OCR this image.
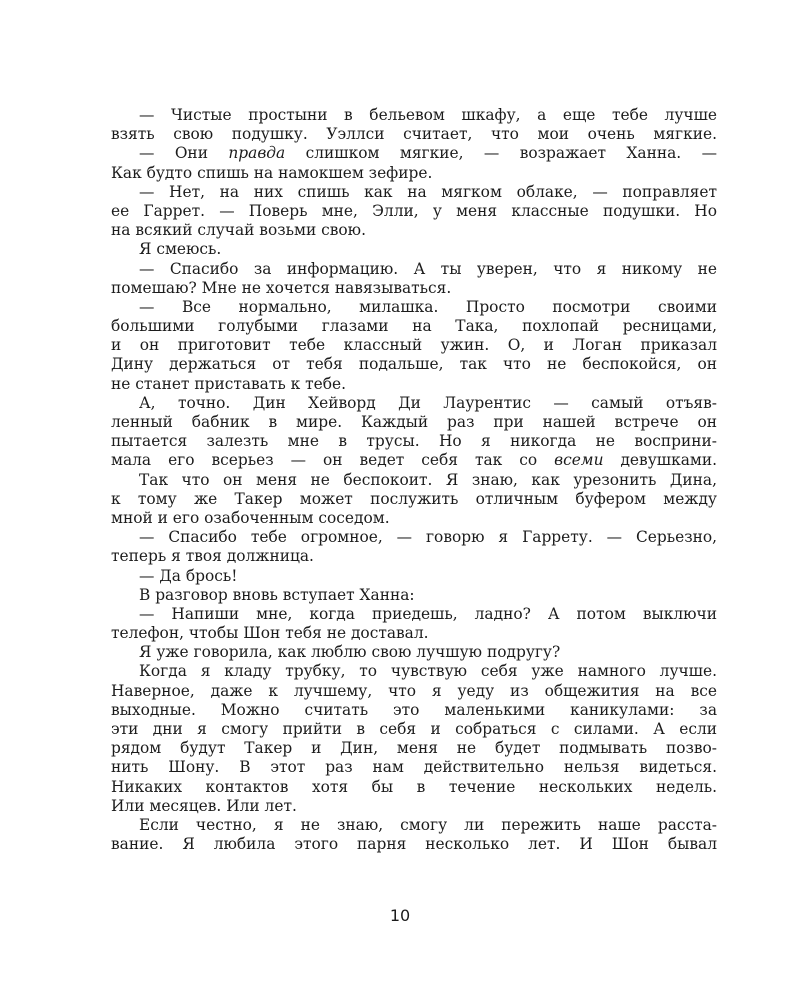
— Чистые простыни в бельевом шкафу, а еще тебе лучше
взять свою подушку. Уэллси считает, что мои очень мягкие.
— Они правда слишком мягкие, — возражает Ханна. —
Как будто спишь на намокшем зефире.
— Нет, на них спишь как на мягком облаке, — поправляет
ее Гаррет. — Поверь мне, Элли, у меня классные подушки. Но
на всякий случай возьми свою.
Я смеюсь.
— Спасибо за информацию. А ты уверен, что я никому не
помешаю? Мне не хочется навязываться.
— Все нормально, милашка. Просто посмотри своими
большими голубыми глазами на Така, похлопай ресницами,
и он приготовит тебе классный ужин. О, и Логан приказал
Дину держаться от тебя подальше, так что не беспокойся, он
не станет приставать к тебе.
А, точно. Дин Хейворд Ди Лаурентис — самый отъяв-
ленный бабник в мире. Каждый раз при нашей встрече он
пытается залезть мне в трусы. Но я никогда не восприни-
мала его всерьез — он ведет себя так со всеми девушками.
Так что он меня не беспокоит. Я знаю, как урезонить Дина,
к тому же Такер может послужить отличным буфером между
мной и его озабоченным соседом.
— Спасибо тебе огромное, — говорю я Гаррету. — Серьезно,
теперь я твоя должница.
— Да брось!
В разговор вновь вступает Ханна:
— Напиши мне, когда приедешь, ладно? А потом выключи
телефон, чтобы Шон тебя не доставал.
Я уже говорила, как люблю свою лучшую подругу?
Когда я кладу трубку, то чувствую себя уже намного лучше.
Наверное, даже к лучшему, что я уеду из общежития на все
выходные. Можно считать это маленькими каникулами: за
эти дни я смогу прийти в себя и собраться с силами. А если
рядом будут Такер и Дин, меня не будет подмывать позво-
нить Шону. В этот раз нам действительно нельзя видеться.
Никаких контактов хотя бы в течение нескольких недель.
Или месяцев. Или лет.
Если честно, я не знаю, смогу ли пережить наше расста-
вание. Я любила этого парня несколько лет. И Шон бывал
10
